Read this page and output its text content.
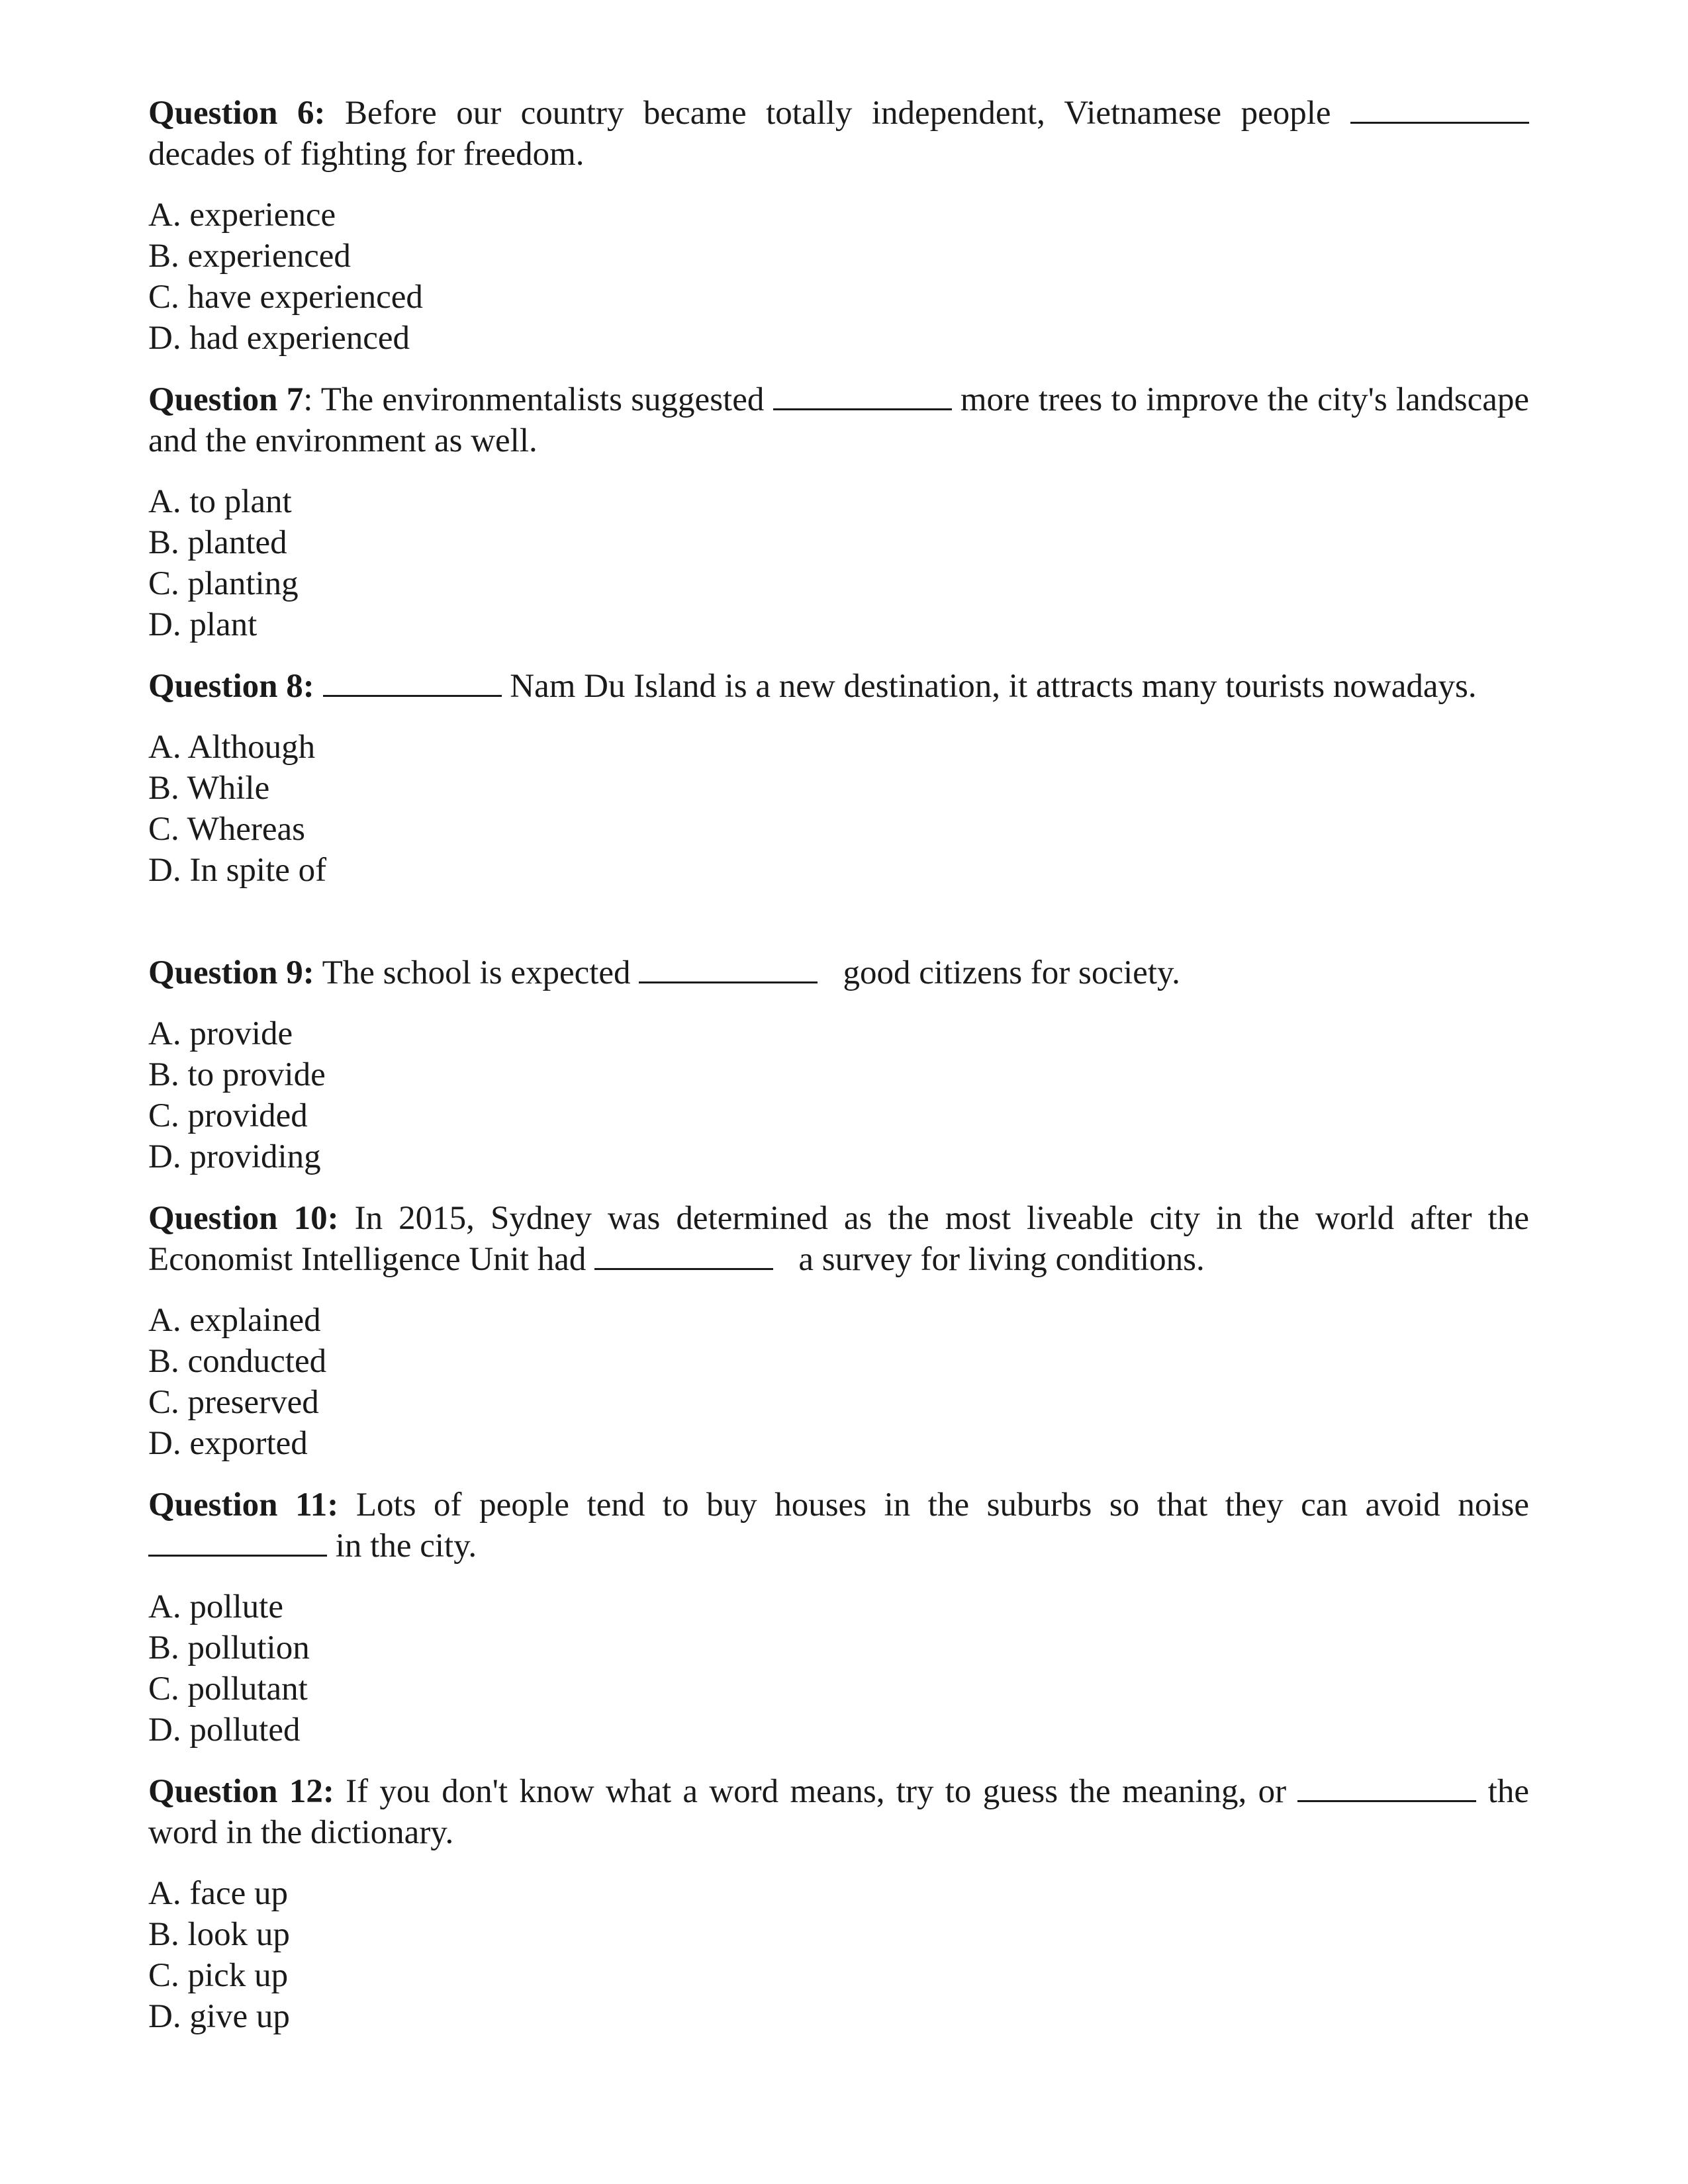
Question 6: Before our country became totally independent, Vietnamese people  decades of fighting for freedom.

A. experience
B. experienced
C. have experienced
D. had experienced

Question 7: The environmentalists suggested	more trees to improve the city's landscape and the environment as well.

A. to plant
B. planted
C. planting
D. plant

Question 8:	Nam Du Island is a new destination, it attracts many tourists nowadays.

A. Although
B. While
C. Whereas
D. In spite of

Question 9: The school is expected	good citizens for society.

A. provide
B. to provide
C. provided
D. providing

Question 10: In 2015, Sydney was determined as the most liveable city in the world after the Economist Intelligence Unit had	a survey for living conditions.

A. explained
B. conducted
C. preserved
D. exported

Question 11: Lots of people tend to buy houses in the suburbs so that they can avoid noise  in the city.

A. pollute
B. pollution
C. pollutant
D. polluted

Question 12: If you don't know what a word means, try to guess the meaning, or	the word in the dictionary.

A. face up
B. look up
C. pick up
D. give up
